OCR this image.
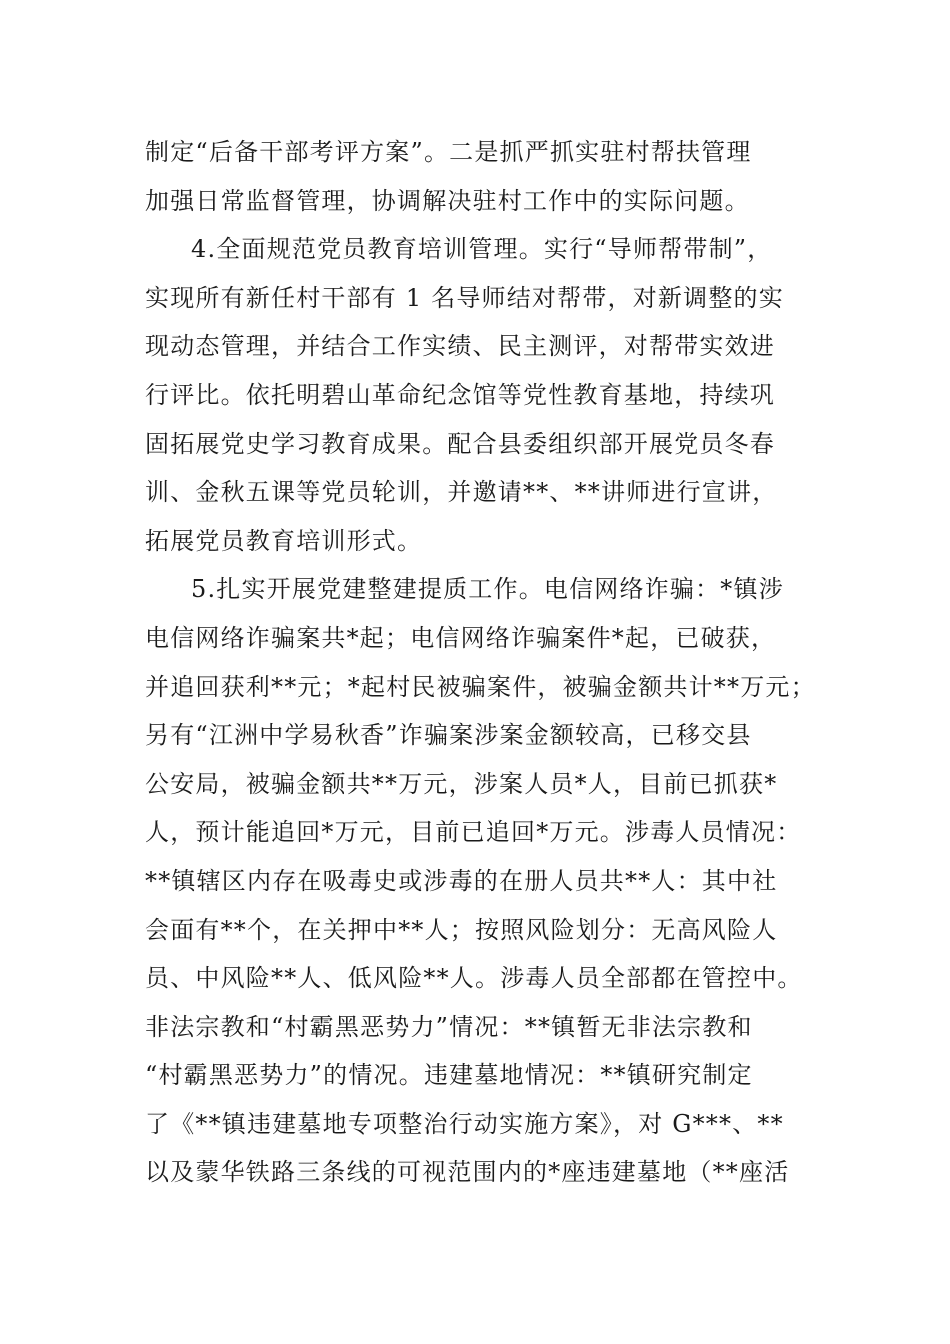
制定“后备干部考评方案”。二是抓严抓实驻村帮扶管理
加强日常监督管理，协调解决驻村工作中的实际问题。
4.全面规范党员教育培训管理。实行“导师帮带制”，
实现所有新任村干部有 1 名导师结对帮带，对新调整的实
现动态管理，并结合工作实绩、民主测评，对帮带实效进
行评比。依托明碧山革命纪念馆等党性教育基地，持续巩
固拓展党史学习教育成果。配合县委组织部开展党员冬春
训、金秋五课等党员轮训，并邀请**、**讲师进行宣讲，
拓展党员教育培训形式。
5.扎实开展党建整建提质工作。电信网络诈骗：*镇涉
电信网络诈骗案共*起；电信网络诈骗案件*起，已破获，
并追回获利**元；*起村民被骗案件，被骗金额共计**万元；
另有“江洲中学易秋香”诈骗案涉案金额较高，已移交县
公安局，被骗金额共**万元，涉案人员*人，目前已抓获*
人，预计能追回*万元，目前已追回*万元。涉毒人员情况：
**镇辖区内存在吸毒史或涉毒的在册人员共**人：其中社
会面有**个，在关押中**人；按照风险划分：无高风险人
员、中风险**人、低风险**人。涉毒人员全部都在管控中。
非法宗教和“村霸黑恶势力”情况：**镇暂无非法宗教和
“村霸黑恶势力”的情况。违建墓地情况：**镇研究制定
了《**镇违建墓地专项整治行动实施方案》，对 G***、**
以及蒙华铁路三条线的可视范围内的*座违建墓地（**座活
